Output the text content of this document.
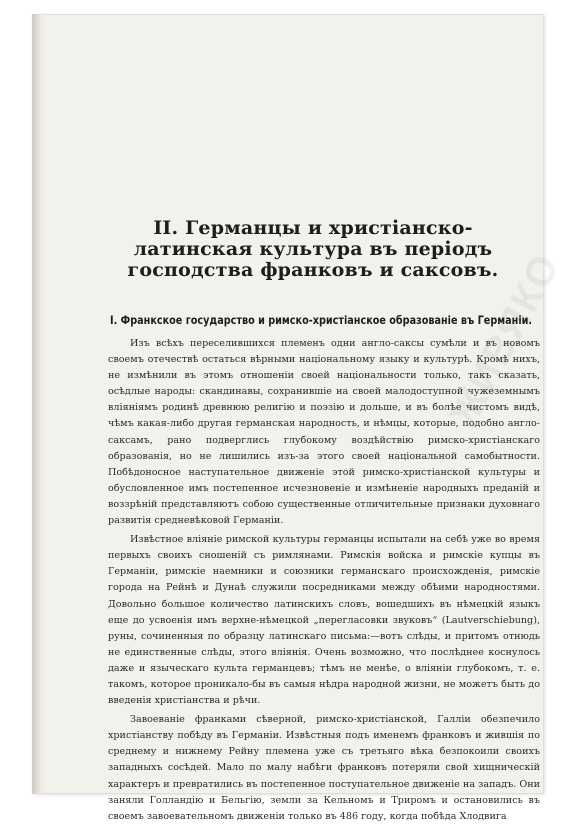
ЖИВЯКО
II. Германцы и христіанско-латинская культура въ періодъ господства франковъ и саксовъ.
I. Франкское государство и римско-христіанское образованіе въ Германіи.

Изъ всѣхъ переселившихся племенъ одни англо-саксы сумѣли и въ новомъ своемъ отечествѣ остаться вѣрными національному языку и культурѣ. Кромѣ нихъ, не измѣнили въ этомъ отношеніи своей національности только, такъ сказать, осѣдлые народы: скандинавы, сохранившіе на своей малодоступной чужеземнымъ вліяніямъ родинѣ древнюю религію и поэзію и дольше, и въ болѣе чистомъ видѣ, чѣмъ какая-либо другая германская народность, и нѣмцы, которые, подобно англо-саксамъ, рано подверглись глубокому воздѣйствію римско-христіанскаго образованія, но не лишились изъ-за этого своей національной самобытности. Побѣдоносное наступательное движеніе этой римско-христіанской культуры и обусловленное имъ постепенное исчезновеніе и измѣненіе народныхъ преданій и воззрѣній представляютъ собою существенные отличительные признаки духовнаго развитія средневѣковой Германіи.

Извѣстное вліяніе римской культуры германцы испытали на себѣ уже во время первыхъ своихъ сношеній съ римлянами. Римскія войска и римскіе купцы въ Германіи, римскіе наемники и союзники германскаго происхожденія, римскіе города на Рейнѣ и Дунаѣ служили посредниками между обѣими народностями. Довольно большое количество латинскихъ словъ, вошедшихъ въ нѣмецкій языкъ еще до усвоенія имъ верхне-нѣмецкой „перегласовки звуковъ“ (Lautverschiebung), руны, сочиненныя по образцу латинскаго письма:—вотъ слѣды, и притомъ отнюдь не единственные слѣды, этого вліянія. Очень возможно, что послѣднее коснулось даже и языческаго культа германцевъ; тѣмъ не менѣе, о вліяніи глубокомъ, т. е. такомъ, которое проникало-бы въ самыя нѣдра народной жизни, не можетъ быть до введенія христіанства и рѣчи.

Завоеваніе франками сѣверной, римско-христіанской, Галліи обезпечило христіанству побѣду въ Германіи. Извѣстныя подъ именемъ франковъ и жившія по среднему и нижнему Рейну племена уже съ третьяго вѣка безпокоили своихъ западныхъ сосѣдей. Мало по малу набѣги франковъ потеряли свой хищническій характеръ и превратились въ постепенное поступательное движеніе на западъ. Они заняли Голландію и Бельгію, земли за Кельномъ и Триромъ и остановились въ своемъ завоевательномъ движеніи только въ 486 году, когда побѣда Хлодвига
